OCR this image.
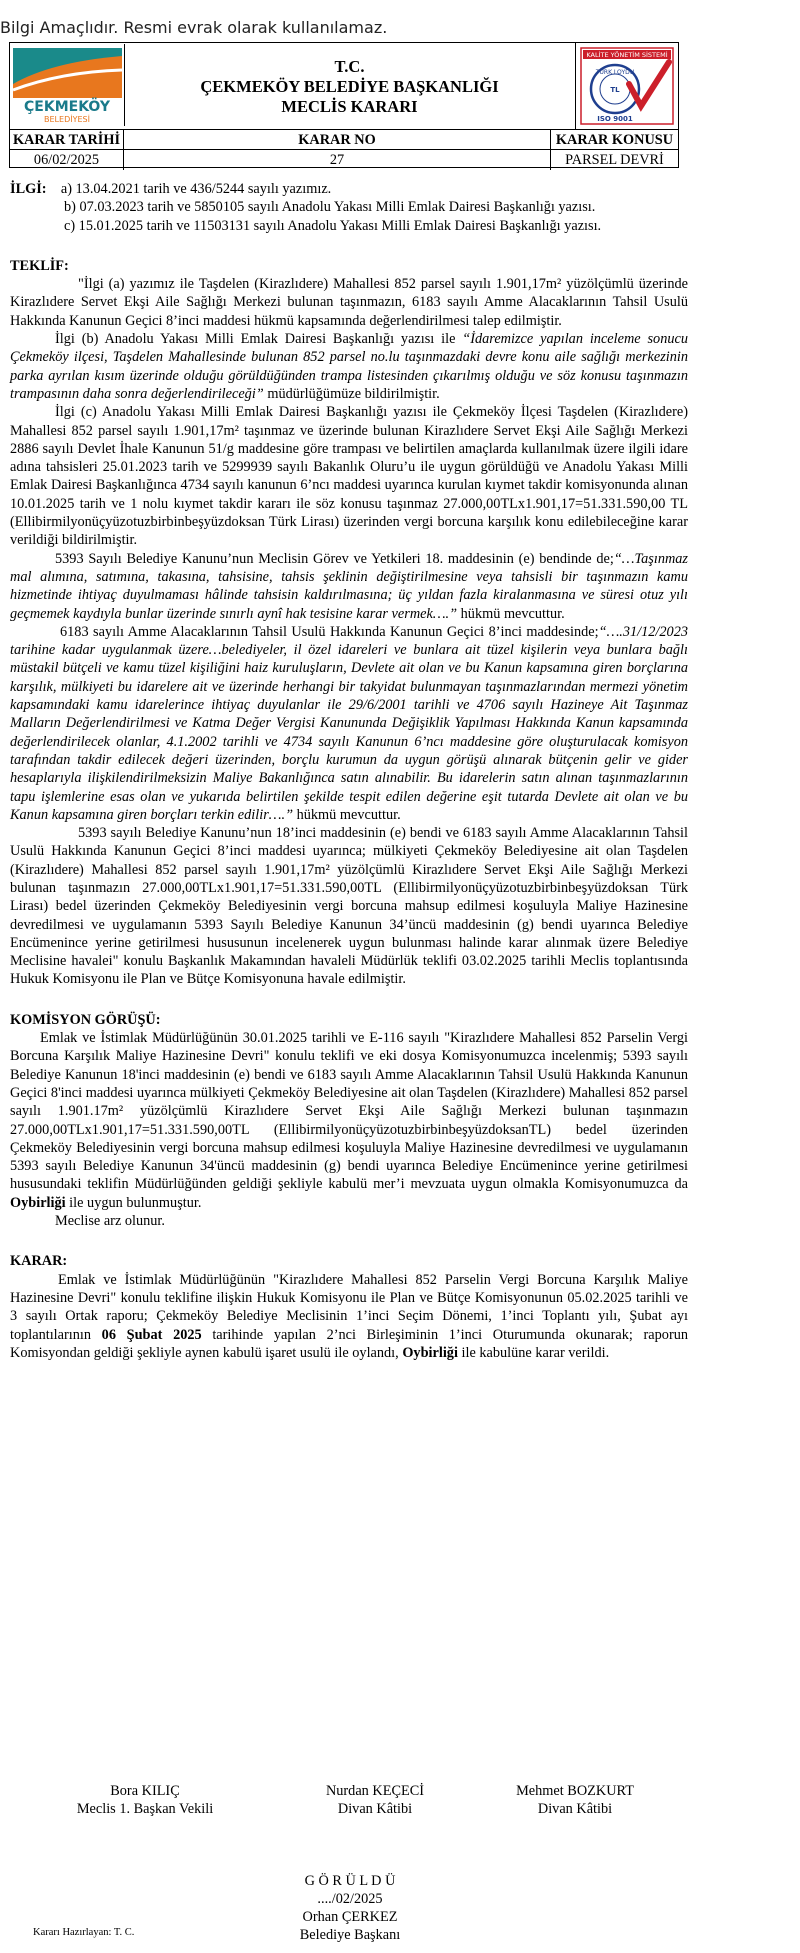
Bilgi Amaçlıdır. Resmi evrak olarak kullanılamaz.
ÇEKMEKÖY
BELEDİYESİ
T.C.
ÇEKMEKÖY BELEDİYE BAŞKANLIĞI
MECLİS KARARI
KALİTE YÖNETİM SİSTEMİ
TÜRK LOYDU
TL
ISO 9001
KARAR TARİHİ	KARAR NO	KARAR KONUSU
06/02/2025	27	PARSEL DEVRİ
İLGİ: a) 13.04.2021 tarih ve 436/5244 sayılı yazımız.
b) 07.03.2023 tarih ve 5850105 sayılı Anadolu Yakası Milli Emlak Dairesi Başkanlığı yazısı.
c) 15.01.2025 tarih ve 11503131 sayılı Anadolu Yakası Milli Emlak Dairesi Başkanlığı yazısı.
TEKLİF:

"İlgi (a) yazımız ile Taşdelen (Kirazlıdere) Mahallesi 852 parsel sayılı 1.901,17m² yüzölçümlü üzerinde Kirazlıdere Servet Ekşi Aile Sağlığı Merkezi bulunan taşınmazın, 6183 sayılı Amme Alacaklarının Tahsil Usulü Hakkında Kanunun Geçici 8’inci maddesi hükmü kapsamında değerlendirilmesi talep edilmiştir.

İlgi (b) Anadolu Yakası Milli Emlak Dairesi Başkanlığı yazısı ile “İdaremizce yapılan inceleme sonucu Çekmeköy ilçesi, Taşdelen Mahallesinde bulunan 852 parsel no.lu taşınmazdaki devre konu aile sağlığı merkezinin parka ayrılan kısım üzerinde olduğu görüldüğünden trampa listesinden çıkarılmış olduğu ve söz konusu taşınmazın trampasının daha sonra değerlendirileceği” müdürlüğümüze bildirilmiştir.

İlgi (c) Anadolu Yakası Milli Emlak Dairesi Başkanlığı yazısı ile Çekmeköy İlçesi Taşdelen (Kirazlıdere) Mahallesi 852 parsel sayılı 1.901,17m² taşınmaz ve üzerinde bulunan Kirazlıdere Servet Ekşi Aile Sağlığı Merkezi 2886 sayılı Devlet İhale Kanunun 51/g maddesine göre trampası ve belirtilen amaçlarda kullanılmak üzere ilgili idare adına tahsisleri 25.01.2023 tarih ve 5299939 sayılı Bakanlık Oluru’u ile uygun görüldüğü ve Anadolu Yakası Milli Emlak Dairesi Başkanlığınca 4734 sayılı kanunun 6’ncı maddesi uyarınca kurulan kıymet takdir komisyonunda alınan 10.01.2025 tarih ve 1 nolu kıymet takdir kararı ile söz konusu taşınmaz 27.000,00TLx1.901,17=51.331.590,00 TL (Ellibirmilyonüçyüzotuzbirbinbeşyüzdoksan Türk Lirası) üzerinden vergi borcuna karşılık konu edilebileceğine karar verildiği bildirilmiştir.

5393 Sayılı Belediye Kanunu’nun Meclisin Görev ve Yetkileri 18. maddesinin (e) bendinde de;“…Taşınmaz mal alımına, satımına, takasına, tahsisine, tahsis şeklinin değiştirilmesine veya tahsisli bir taşınmazın kamu hizmetinde ihtiyaç duyulmaması hâlinde tahsisin kaldırılmasına; üç yıldan fazla kiralanmasına ve süresi otuz yılı geçmemek kaydıyla bunlar üzerinde sınırlı aynî hak tesisine karar vermek….” hükmü mevcuttur.

6183 sayılı Amme Alacaklarının Tahsil Usulü Hakkında Kanunun Geçici 8’inci maddesinde;“….31/12/2023 tarihine kadar uygulanmak üzere…belediyeler, il özel idareleri ve bunlara ait tüzel kişilerin veya bunlara bağlı müstakil bütçeli ve kamu tüzel kişiliğini haiz kuruluşların, Devlete ait olan ve bu Kanun kapsamına giren borçlarına karşılık, mülkiyeti bu idarelere ait ve üzerinde herhangi bir takyidat bulunmayan taşınmazlarından mermezi yönetim kapsamındaki kamu idarelerince ihtiyaç duyulanlar ile 29/6/2001 tarihli ve 4706 sayılı Hazineye Ait Taşınmaz Malların Değerlendirilmesi ve Katma Değer Vergisi Kanununda Değişiklik Yapılması Hakkında Kanun kapsamında değerlendirilecek olanlar, 4.1.2002 tarihli ve 4734 sayılı Kanunun 6’ncı maddesine göre oluşturulacak komisyon tarafından takdir edilecek değeri üzerinden, borçlu kurumun da uygun görüşü alınarak bütçenin gelir ve gider hesaplarıyla ilişkilendirilmeksizin Maliye Bakanlığınca satın alınabilir. Bu idarelerin satın alınan taşınmazlarının tapu işlemlerine esas olan ve yukarıda belirtilen şekilde tespit edilen değerine eşit tutarda Devlete ait olan ve bu Kanun kapsamına giren borçları terkin edilir….” hükmü mevcuttur.

5393 sayılı Belediye Kanunu’nun 18’inci maddesinin (e) bendi ve 6183 sayılı Amme Alacaklarının Tahsil Usulü Hakkında Kanunun Geçici 8’inci maddesi uyarınca; mülkiyeti Çekmeköy Belediyesine ait olan Taşdelen (Kirazlıdere) Mahallesi 852 parsel sayılı 1.901,17m² yüzölçümlü Kirazlıdere Servet Ekşi Aile Sağlığı Merkezi bulunan taşınmazın 27.000,00TLx1.901,17=51.331.590,00TL (Ellibirmilyonüçyüzotuzbirbinbeşyüzdoksan Türk Lirası) bedel üzerinden Çekmeköy Belediyesinin vergi borcuna mahsup edilmesi koşuluyla Maliye Hazinesine devredilmesi ve uygulamanın 5393 Sayılı Belediye Kanunun 34’üncü maddesinin (g) bendi uyarınca Belediye Encümenince yerine getirilmesi hususunun incelenerek uygun bulunması halinde karar alınmak üzere Belediye Meclisine havalei" konulu Başkanlık Makamından havaleli Müdürlük teklifi 03.02.2025 tarihli Meclis toplantısında Hukuk Komisyonu ile Plan ve Bütçe Komisyonuna havale edilmiştir.

KOMİSYON GÖRÜŞÜ:

Emlak ve İstimlak Müdürlüğünün 30.01.2025 tarihli ve E-116 sayılı "Kirazlıdere Mahallesi 852 Parselin Vergi Borcuna Karşılık Maliye Hazinesine Devri" konulu teklifi ve eki dosya Komisyonumuzca incelenmiş; 5393 sayılı Belediye Kanunun 18'inci maddesinin (e) bendi ve 6183 sayılı Amme Alacaklarının Tahsil Usulü Hakkında Kanunun Geçici 8'inci maddesi uyarınca mülkiyeti Çekmeköy Belediyesine ait olan Taşdelen (Kirazlıdere) Mahallesi 852 parsel sayılı 1.901.17m² yüzölçümlü Kirazlıdere Servet Ekşi Aile Sağlığı Merkezi bulunan taşınmazın 27.000,00TLx1.901,17=51.331.590,00TL (EllibirmilyonüçyüzotuzbirbinbeşyüzdoksanTL) bedel üzerinden Çekmeköy Belediyesinin vergi borcuna mahsup edilmesi koşuluyla Maliye Hazinesine devredilmesi ve uygulamanın 5393 sayılı Belediye Kanunun 34'üncü maddesinin (g) bendi uyarınca Belediye Encümenince yerine getirilmesi hususundaki teklifin Müdürlüğünden geldiği şekliyle kabulü mer’i mevzuata uygun olmakla Komisyonumuzca da Oybirliği ile uygun bulunmuştur.

Meclise arz olunur.

KARAR:

Emlak ve İstimlak Müdürlüğünün "Kirazlıdere Mahallesi 852 Parselin Vergi Borcuna Karşılık Maliye Hazinesine Devri" konulu teklifine ilişkin Hukuk Komisyonu ile Plan ve Bütçe Komisyonunun 05.02.2025 tarihli ve 3 sayılı Ortak raporu; Çekmeköy Belediye Meclisinin 1’inci Seçim Dönemi, 1’inci Toplantı yılı, Şubat ayı toplantılarının 06 Şubat 2025 tarihinde yapılan 2’nci Birleşiminin 1’inci Oturumunda okunarak; raporun Komisyondan geldiği şekliyle aynen kabulü işaret usulü ile oylandı, Oybirliği ile kabulüne karar verildi.

Bora KILIÇ
Meclis 1. Başkan Vekili
Nurdan KEÇECİ
Divan Kâtibi
Mehmet BOZKURT
Divan Kâtibi
G Ö R Ü L D Ü
..../02/2025
Kararı Hazırlayan: T. C.
Orhan ÇERKEZ
Belediye Başkanı
